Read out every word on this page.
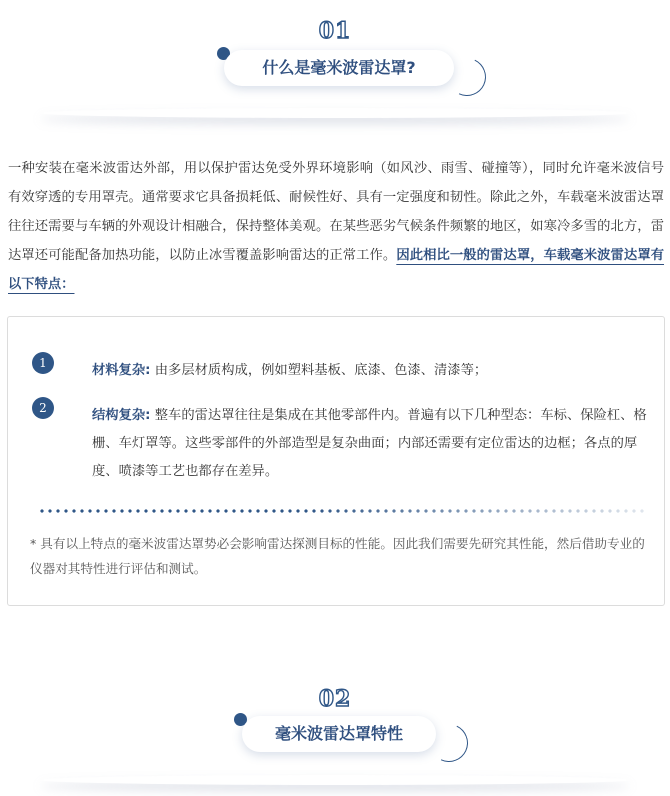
01
什么是毫米波雷达罩?
一种安装在毫米波雷达外部，用以保护雷达免受外界环境影响（如风沙、雨雪、碰撞等），同时允许毫米波信号有效穿透的专用罩壳。通常要求它具备损耗低、耐候性好、具有一定强度和韧性。除此之外，车载毫米波雷达罩往往还需要与车辆的外观设计相融合，保持整体美观。在某些恶劣气候条件频繁的地区，如寒冷多雪的北方，雷达罩还可能配备加热功能，以防止冰雪覆盖影响雷达的正常工作。因此相比一般的雷达罩，车载毫米波雷达罩有以下特点：
1	材料复杂: 由多层材质构成，例如塑料基板、底漆、色漆、清漆等；
2	结构复杂: 整车的雷达罩往往是集成在其他零部件内。普遍有以下几种型态：车标、保险杠、格栅、车灯罩等。这些零部件的外部造型是复杂曲面；内部还需要有定位雷达的边框；各点的厚度、喷漆等工艺也都存在差异。
* 具有以上特点的毫米波雷达罩势必会影响雷达探测目标的性能。因此我们需要先研究其性能，然后借助专业的仪器对其特性进行评估和测试。
02
毫米波雷达罩特性
